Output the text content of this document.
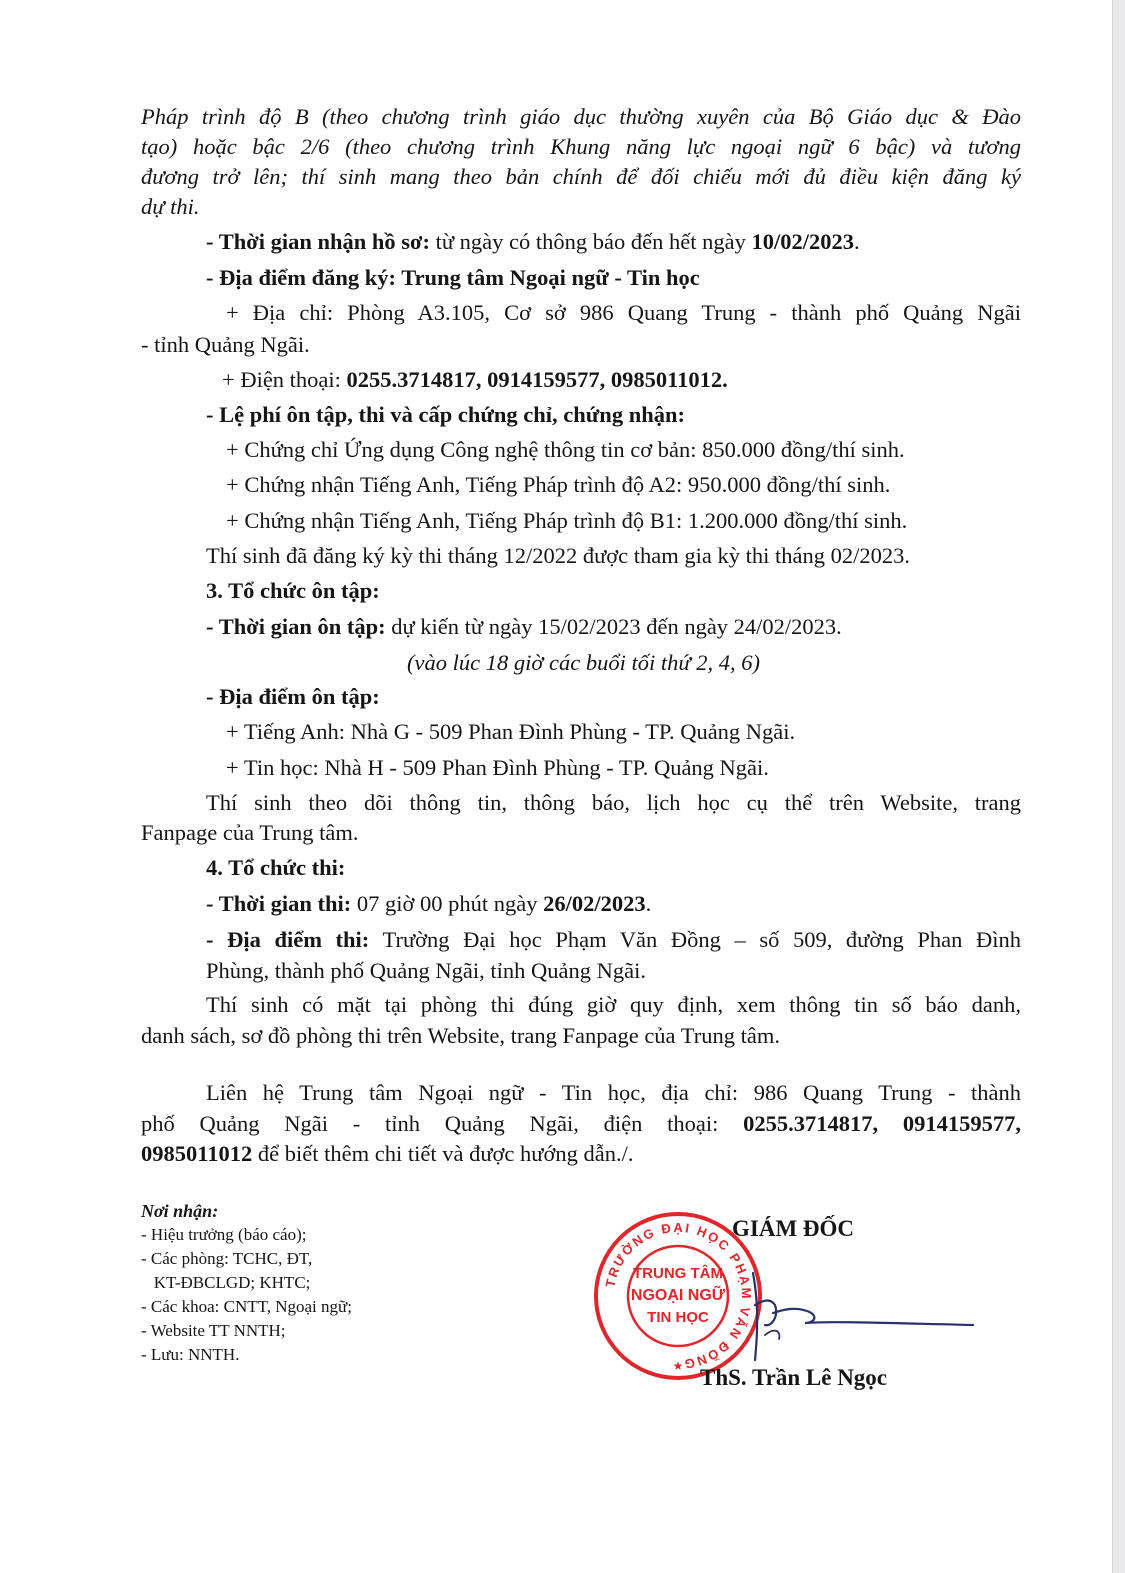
Pháp trình độ B (theo chương trình giáo dục thường xuyên của Bộ Giáo dục & Đào
tạo) hoặc bậc 2/6 (theo chương trình Khung năng lực ngoại ngữ 6 bậc) và tương
đương trở lên; thí sinh mang theo bản chính để đối chiếu mới đủ điều kiện đăng ký
dự thi.
- Thời gian nhận hồ sơ: từ ngày có thông báo đến hết ngày 10/02/2023.
- Địa điểm đăng ký: Trung tâm Ngoại ngữ - Tin học
+ Địa chỉ: Phòng A3.105, Cơ sở 986 Quang Trung - thành phố Quảng Ngãi
- tỉnh Quảng Ngãi.
+ Điện thoại: 0255.3714817, 0914159577, 0985011012.
- Lệ phí ôn tập, thi và cấp chứng chỉ, chứng nhận:
+ Chứng chỉ Ứng dụng Công nghệ thông tin cơ bản: 850.000 đồng/thí sinh.
+ Chứng nhận Tiếng Anh, Tiếng Pháp trình độ A2: 950.000 đồng/thí sinh.
+ Chứng nhận Tiếng Anh, Tiếng Pháp trình độ B1: 1.200.000 đồng/thí sinh.
Thí sinh đã đăng ký kỳ thi tháng 12/2022 được tham gia kỳ thi tháng 02/2023.
3. Tổ chức ôn tập:
- Thời gian ôn tập: dự kiến từ ngày 15/02/2023 đến ngày 24/02/2023.
(vào lúc 18 giờ các buổi tối thứ 2, 4, 6)
- Địa điểm ôn tập:
+ Tiếng Anh: Nhà G - 509 Phan Đình Phùng - TP. Quảng Ngãi.
+ Tin học: Nhà H - 509 Phan Đình Phùng - TP. Quảng Ngãi.
Thí sinh theo dõi thông tin, thông báo, lịch học cụ thể trên Website, trang
Fanpage của Trung tâm.
4. Tổ chức thi:
- Thời gian thi: 07 giờ 00 phút ngày 26/02/2023.
- Địa điểm thi: Trường Đại học Phạm Văn Đồng – số 509, đường Phan Đình
Phùng, thành phố Quảng Ngãi, tỉnh Quảng Ngãi.
Thí sinh có mặt tại phòng thi đúng giờ quy định, xem thông tin số báo danh,
danh sách, sơ đồ phòng thi trên Website, trang Fanpage của Trung tâm.
Liên hệ Trung tâm Ngoại ngữ - Tin học, địa chỉ: 986 Quang Trung - thành
phố Quảng Ngãi - tỉnh Quảng Ngãi, điện thoại: 0255.3714817, 0914159577,
0985011012 để biết thêm chi tiết và được hướng dẫn./.
Nơi nhận:
- Hiệu trưởng (báo cáo);
- Các phòng: TCHC, ĐT,
KT-ĐBCLGD; KHTC;
- Các khoa: CNTT, Ngoại ngữ;
- Website TT NNTH;
- Lưu: NNTH.
GIÁM ĐỐC
TRƯỜNG ĐẠI HỌC PHẠM VĂN ĐỒNG
TRUNG TÂM
NGOẠI NGỮ
TIN HỌC
★ ThS. Trần Lê Ngọc
